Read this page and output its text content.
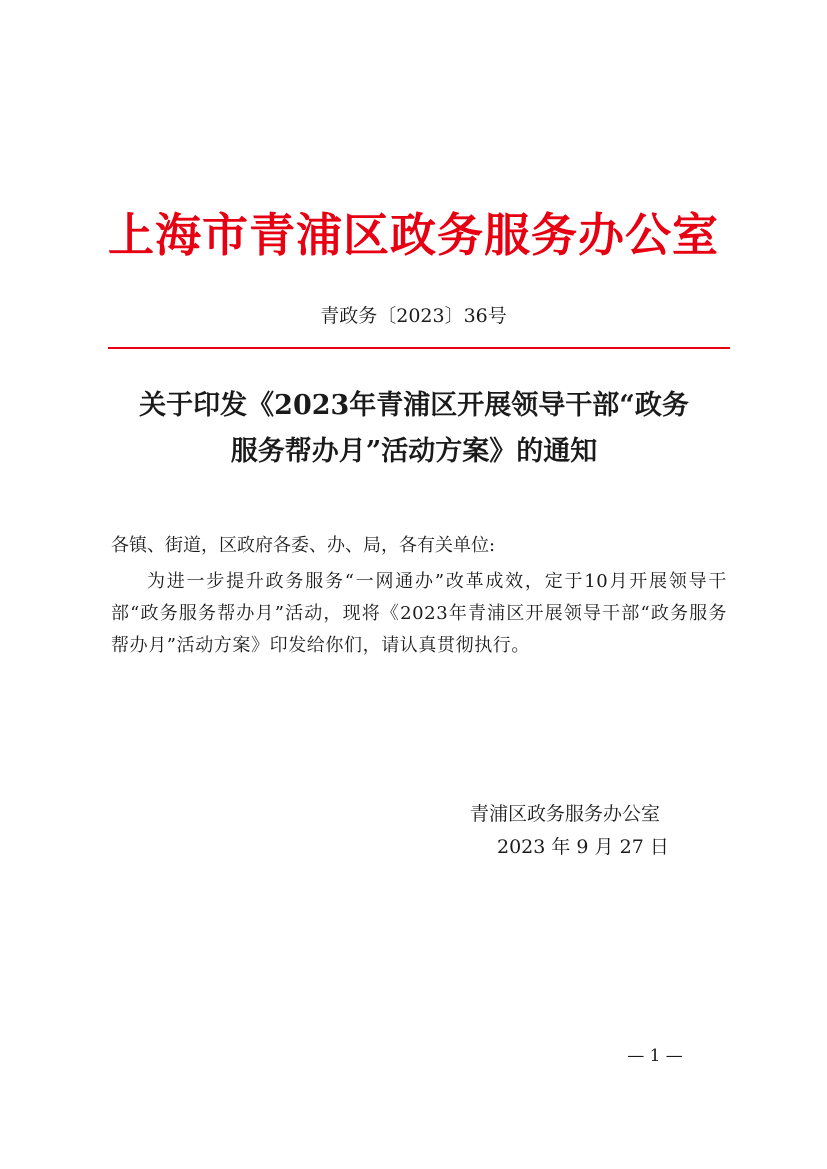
上海市青浦区政务服务办公室
青政务〔2023〕36号
关于印发《2023年青浦区开展领导干部“政务
服务帮办月”活动方案》的通知
各镇、街道，区政府各委、办、局，各有关单位:
为进一步提升政务服务“一网通办”改革成效，定于10月开展领导干部“政务服务帮办月”活动，现将《2023年青浦区开展领导干部“政务服务帮办月”活动方案》印发给你们，请认真贯彻执行。
青浦区政务服务办公室
2023 年 9 月 27 日
— 1 —
